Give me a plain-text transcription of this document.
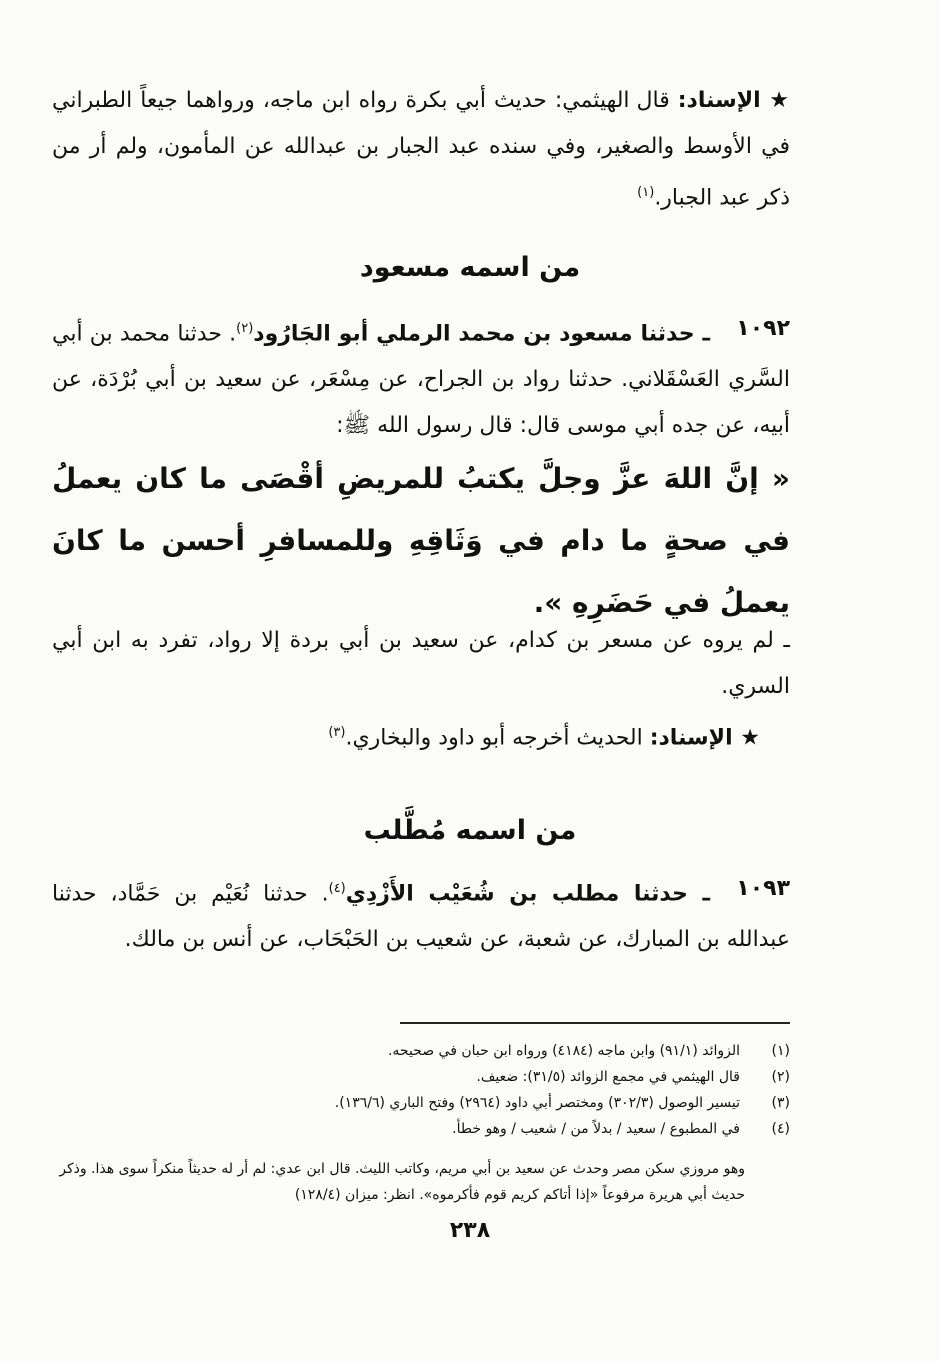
★ الإسناد: قال الهيثمي: حديث أبي بكرة رواه ابن ماجه، ورواهما جيعاً الطبراني في الأوسط والصغير، وفي سنده عبد الجبار بن عبدالله عن المأمون، ولم أر من ذكر عبد الجبار.$^{(١)}$
من اسمه مسعود
١٠٩٢
ـ حدثنا مسعود بن محمد الرملي أبو الجَارُود$^{(٢)}$. حدثنا محمد بن أبي السَّري العَسْقَلاني. حدثنا رواد بن الجراح، عن مِسْعَر، عن سعيد بن أبي بُرْدَة، عن أبيه، عن جده أبي موسى قال: قال رسول الله ﷺ:
« إنَّ اللهَ عزَّ وجلَّ يكتبُ للمريضِ أقْصَى ما كان يعملُ في صحةٍ ما دام في وَثَاقِهِ وللمسافرِ أحسن ما كانَ يعملُ في حَضَرِهِ ».
ـ لم يروه عن مسعر بن كدام، عن سعيد بن أبي بردة إلا رواد، تفرد به ابن أبي السري.
★ الإسناد: الحديث أخرجه أبو داود والبخاري.$^{(٣)}$
من اسمه مُطَّلب
١٠٩٣
ـ حدثنا مطلب بن شُعَيْب الأَزْدِي$^{(٤)}$. حدثنا نُعَيْم بن حَمَّاد، حدثنا عبدالله بن المبارك، عن شعبة، عن شعيب بن الحَبْحَاب، عن أنس بن مالك.
(١)الزوائد (٩١/١) وابن ماجه (٤١٨٤) ورواه ابن حبان في صحيحه.
(٢)قال الهيثمي في مجمع الزوائد (٣١/٥): ضعيف.
(٣)تيسير الوصول (٣٠٢/٣) ومختصر أبي داود (٢٩٦٤) وفتح الباري (١٣٦/٦).
(٤)في المطبوع / سعيد / بدلاً من / شعيب / وهو خطأ.
وهو مروزي سكن مصر وحدث عن سعيد بن أبي مريم، وكاتب الليث. قال ابن عدي: لم أر له حديثاً منكراً سوى هذا. وذكر حديث أبي هريرة مرفوعاً «إذا أتاكم كريم قوم فأكرموه». انظر: ميزان (١٢٨/٤)
٢٣٨
